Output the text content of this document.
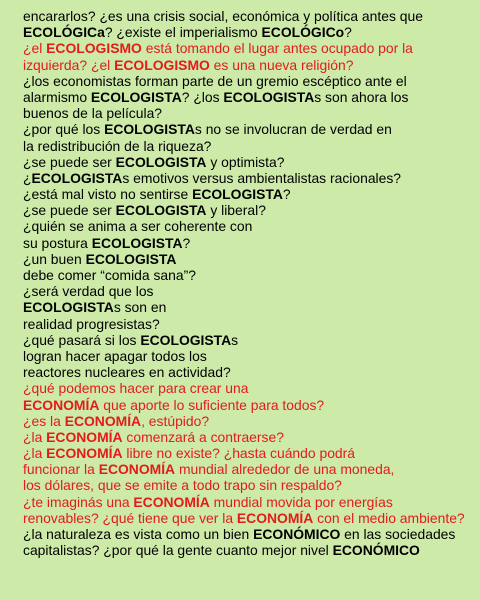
encararlos? ¿es una crisis social, económica y política antes que
ECOLÓGICa? ¿existe el imperialismo ECOLÓGICo?
¿el ECOLOGISMO está tomando el lugar antes ocupado por la
izquierda? ¿el ECOLOGISMO es una nueva religión?
¿los economistas forman parte de un gremio escéptico ante el
alarmismo ECOLOGISTA? ¿los ECOLOGISTAs son ahora los
buenos de la película?
¿por qué los ECOLOGISTAs no se involucran de verdad en
la redistribución de la riqueza?
¿se puede ser ECOLOGISTA y optimista?
¿ECOLOGISTAs emotivos versus ambientalistas racionales?
¿está mal visto no sentirse ECOLOGISTA?
¿se puede ser ECOLOGISTA y liberal?
¿quién se anima a ser coherente con
su postura ECOLOGISTA?
¿un buen ECOLOGISTA
debe comer “comida sana”?
¿será verdad que los
ECOLOGISTAs son en
realidad progresistas?
¿qué pasará si los ECOLOGISTAs
logran hacer apagar todos los
reactores nucleares en actividad?
¿qué podemos hacer para crear una
ECONOMÍA que aporte lo suficiente para todos?
¿es la ECONOMÍA, estúpido?
¿la ECONOMÍA comenzará a contraerse?
¿la ECONOMÍA libre no existe? ¿hasta cuándo podrá
funcionar la ECONOMÍA mundial alrededor de una moneda,
los dólares, que se emite a todo trapo sin respaldo?
¿te imaginás una ECONOMÍA mundial movida por energías
renovables? ¿qué tiene que ver la ECONOMÍA con el medio ambiente?
¿la naturaleza es vista como un bien ECONÓMICO en las sociedades
capitalistas? ¿por qué la gente cuanto mejor nivel ECONÓMICO
